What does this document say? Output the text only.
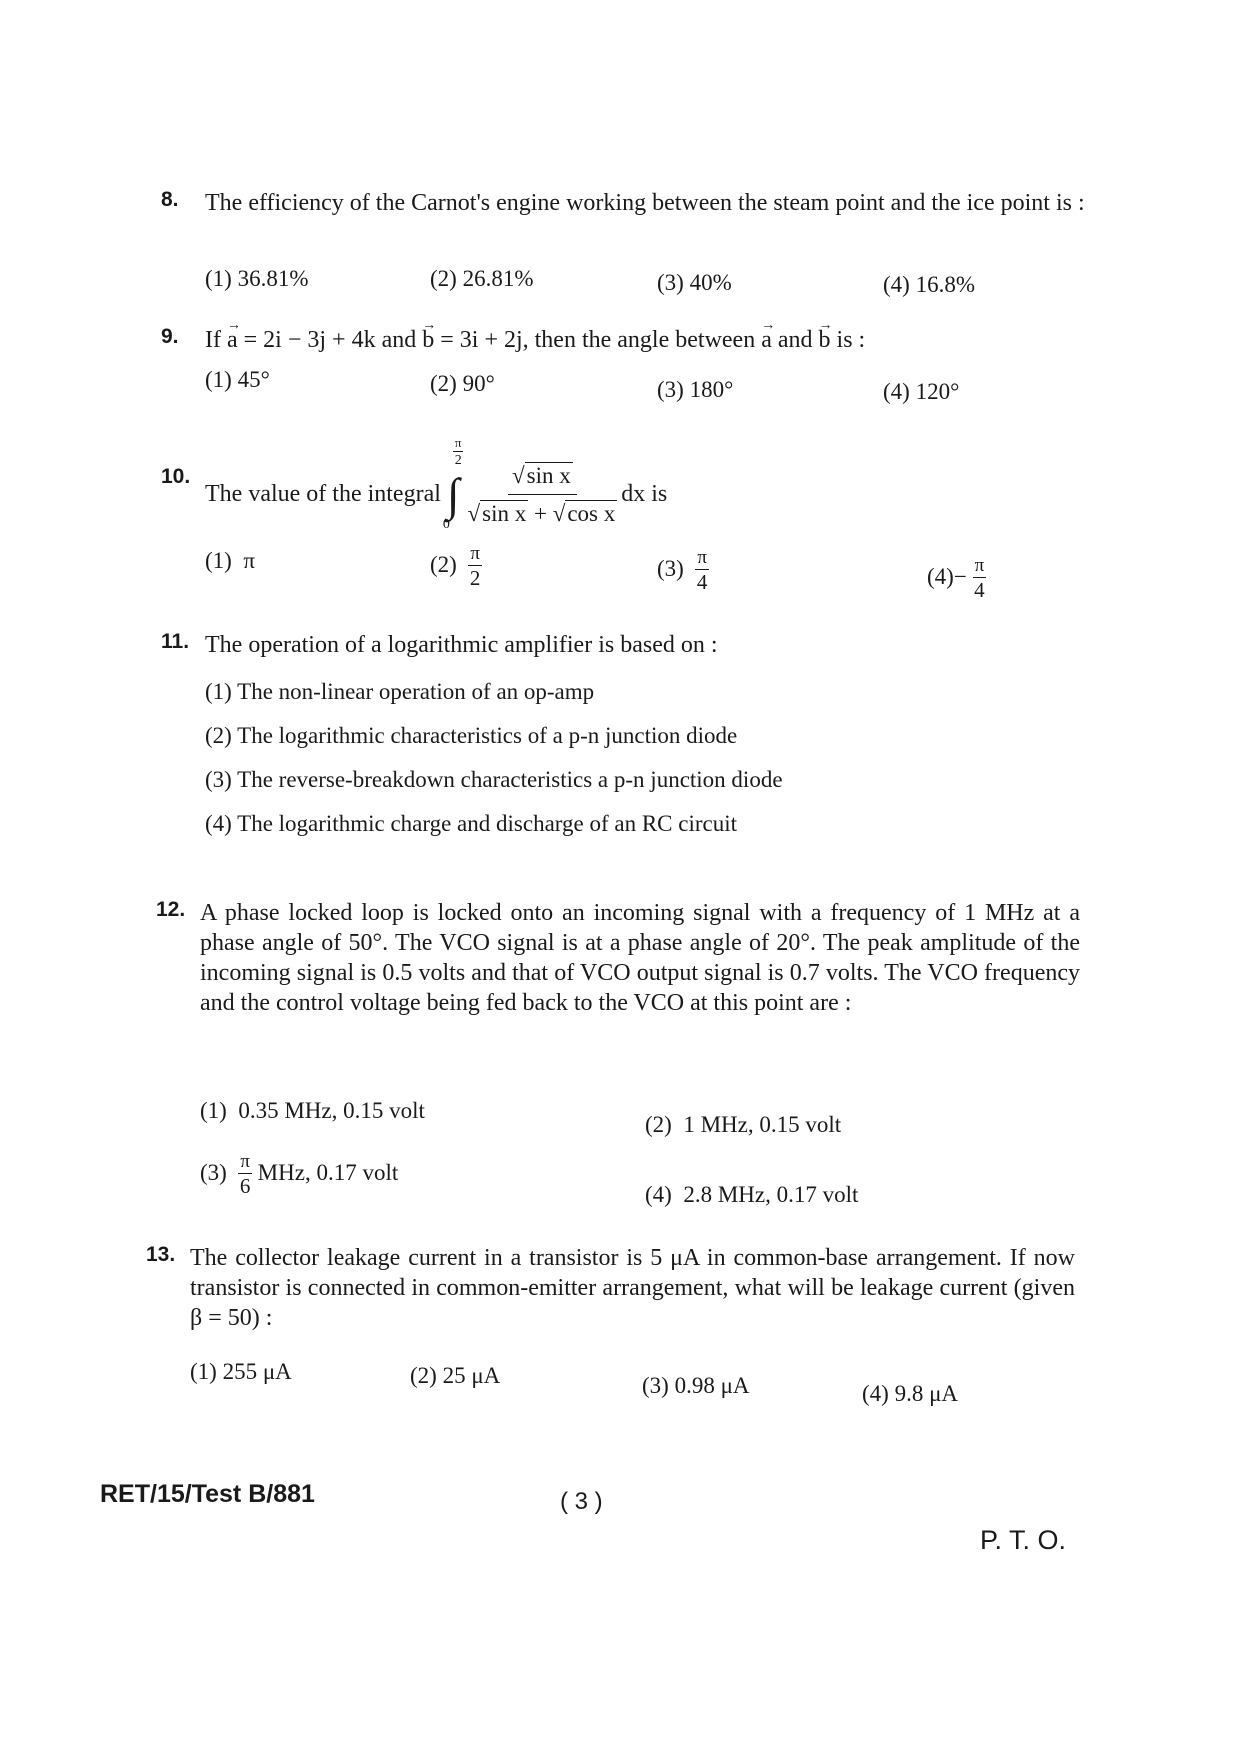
8. The efficiency of the Carnot's engine working between the steam point and the ice point is :
(1) 36.81%	(2) 26.81%	(3) 40%	(4) 16.8%
9. If → a = 2i − 3j + 4k and → b = 3i + 2j, then the angle between → a and → b is :
(1) 45°	(2) 90°	(3) 180°	(4) 120°
10.
The value of the integral ∫
$\frac{\pi}{2}$
$0 \frac{\text{√sin x}}{\text{√sin x + √cos x}}$ dx is
(1) π	$(2) \frac{\pi}{2}$	$(3) \frac{\pi}{4}$	$(4)- \frac{\pi}{4}$
11. The operation of a logarithmic amplifier is based on :
(1) The non-linear operation of an op-amp
(2) The logarithmic characteristics of a p-n junction diode
(3) The reverse-breakdown characteristics a p-n junction diode
(4) The logarithmic charge and discharge of an RC circuit
12. A phase locked loop is locked onto an incoming signal with a frequency of 1 MHz at a phase angle of 50°. The VCO signal is at a phase angle of 20°. The peak amplitude of the incoming signal is 0.5 volts and that of VCO output signal is 0.7 volts. The VCO frequency and the control voltage being fed back to the VCO at this point are :
(1) 0.35 MHz, 0.15 volt
(2) 1 MHz, 0.15 volt
$(3) \frac{\pi}{6}$ MHz, 0.17 volt
(4) 2.8 MHz, 0.17 volt
13. The collector leakage current in a transistor is 5 μA in common-base arrangement. If now transistor is connected in common-emitter arrangement, what will be leakage current (given β = 50) :
(1) 255 μA	(2) 25 μA	(3) 0.98 μA	(4) 9.8 μA
RET/15/Test B/881	( 3 )
P. T. O.
